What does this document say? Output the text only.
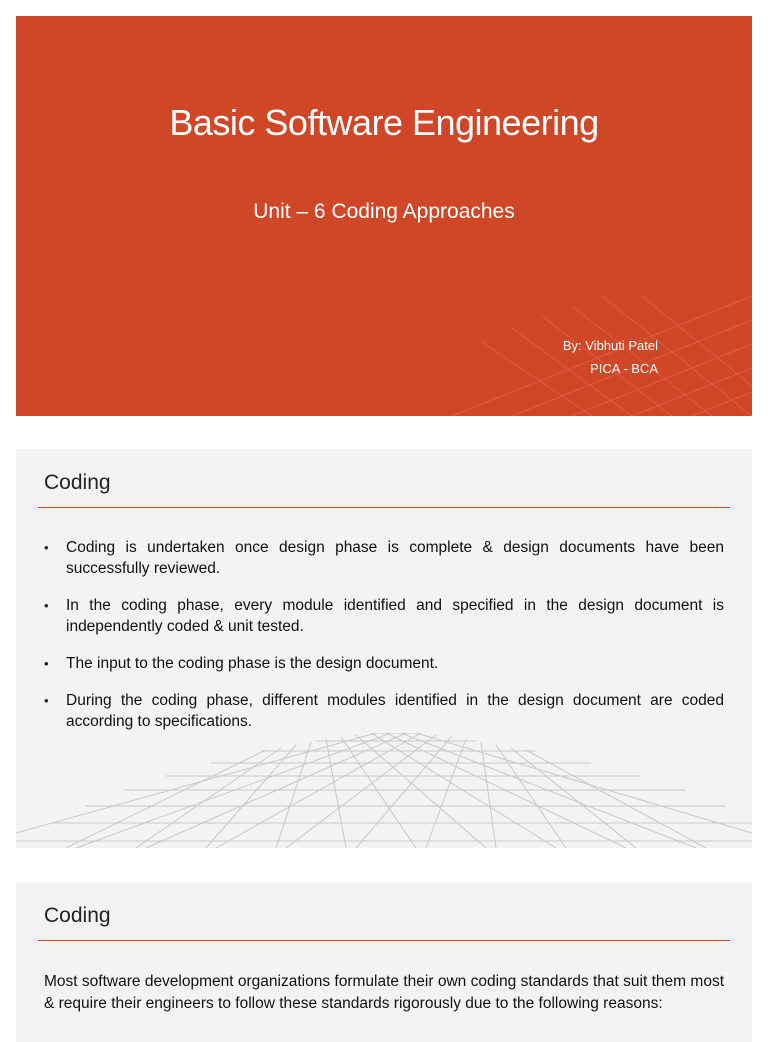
Basic Software Engineering
Unit – 6 Coding Approaches
By: Vibhuti Patel
PICA - BCA
Coding
• Coding is undertaken once design phase is complete & design documents have been successfully reviewed.
• In the coding phase, every module identified and specified in the design document is independently coded & unit tested.
• The input to the coding phase is the design document.
• During the coding phase, different modules identified in the design document are coded according to specifications.
Coding

Most software development organizations formulate their own coding standards that suit them most & require their engineers to follow these standards rigorously due to the following reasons:
